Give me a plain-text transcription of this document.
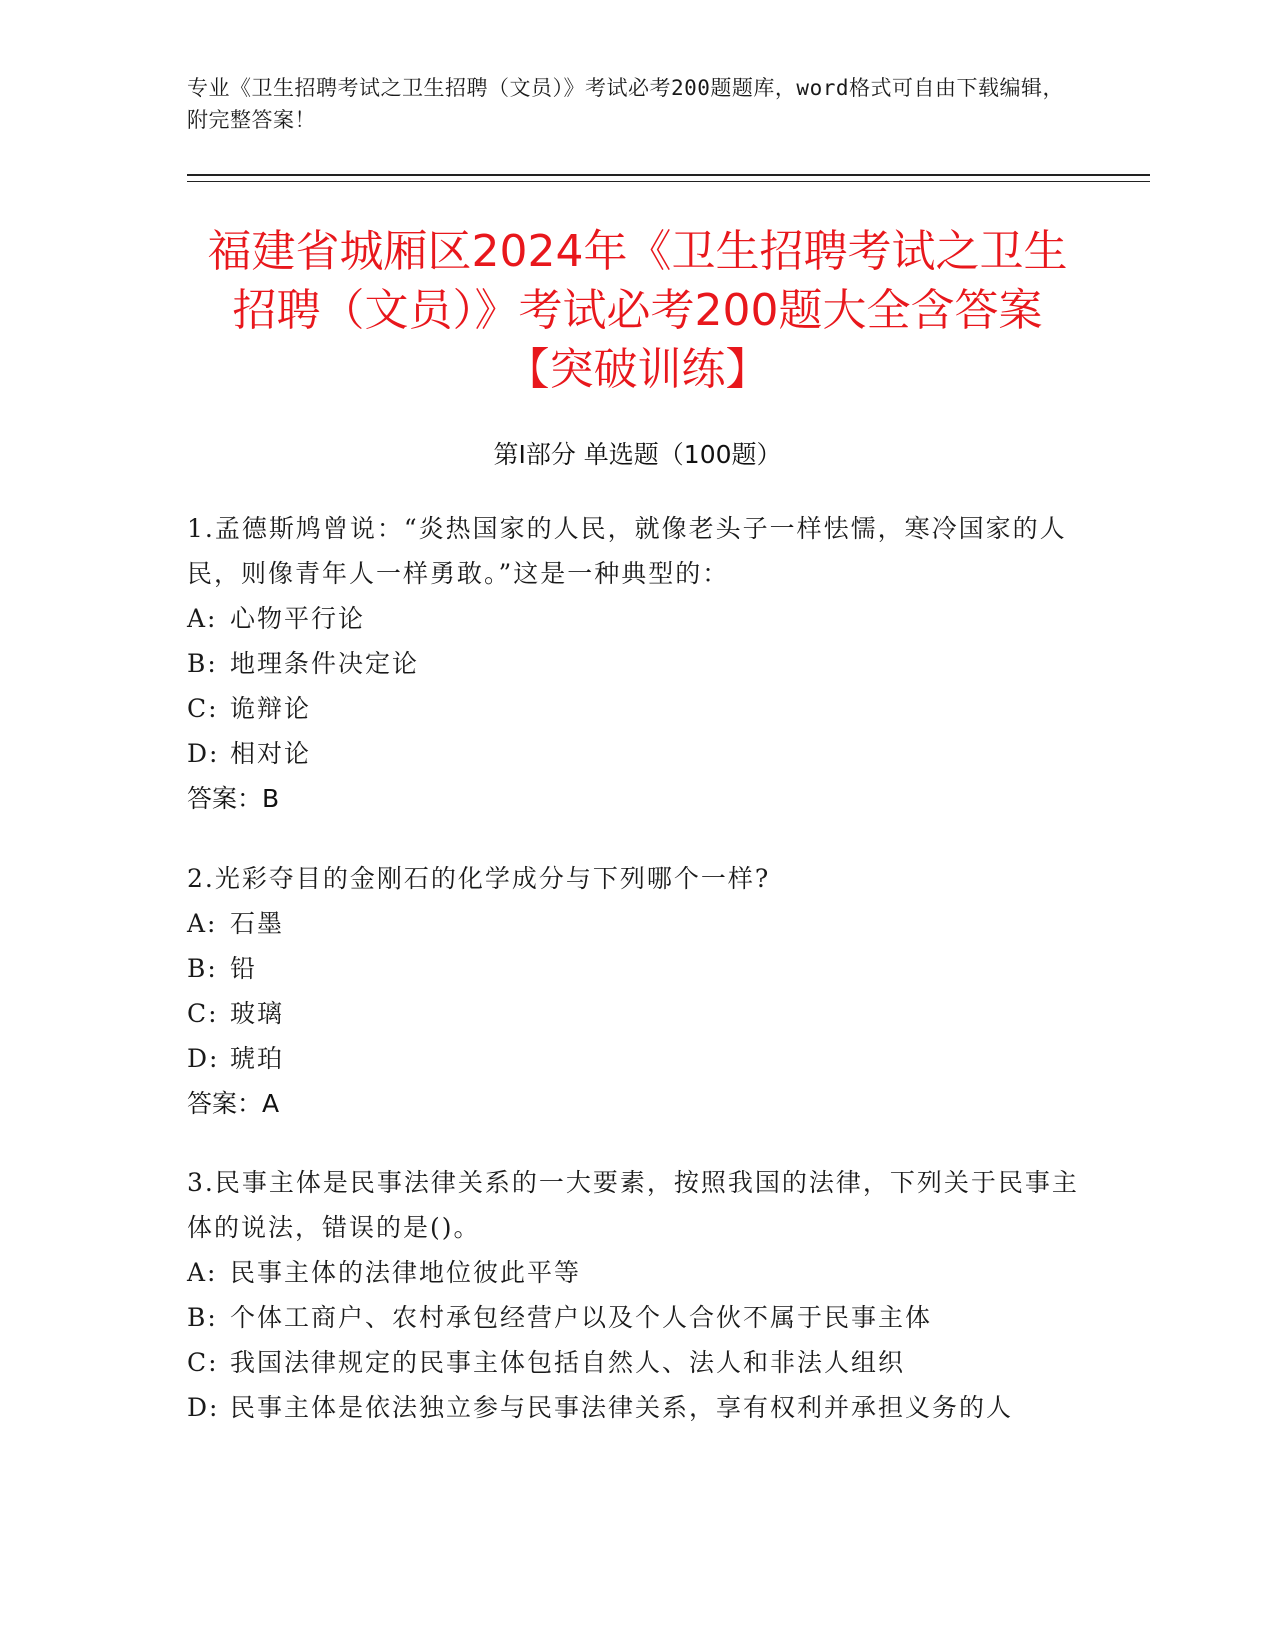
专业《卫生招聘考试之卫生招聘（文员）》考试必考200题题库，word格式可自由下载编辑，附完整答案！
福建省城厢区2024年《卫生招聘考试之卫生
招聘（文员）》考试必考200题大全含答案
【突破训练】
第Ⅰ部分 单选题（100题）
1.孟德斯鸠曾说：“炎热国家的人民，就像老头子一样怯懦，寒冷国家的人民，则像青年人一样勇敢。”这是一种典型的：
A: 心物平行论
B: 地理条件决定论
C: 诡辩论
D: 相对论
答案：B
2.光彩夺目的金刚石的化学成分与下列哪个一样?
A: 石墨
B: 铅
C: 玻璃
D: 琥珀
答案：A
3.民事主体是民事法律关系的一大要素，按照我国的法律，下列关于民事主体的说法，错误的是()。
A: 民事主体的法律地位彼此平等
B: 个体工商户、农村承包经营户以及个人合伙不属于民事主体
C: 我国法律规定的民事主体包括自然人、法人和非法人组织
D: 民事主体是依法独立参与民事法律关系，享有权利并承担义务的人
